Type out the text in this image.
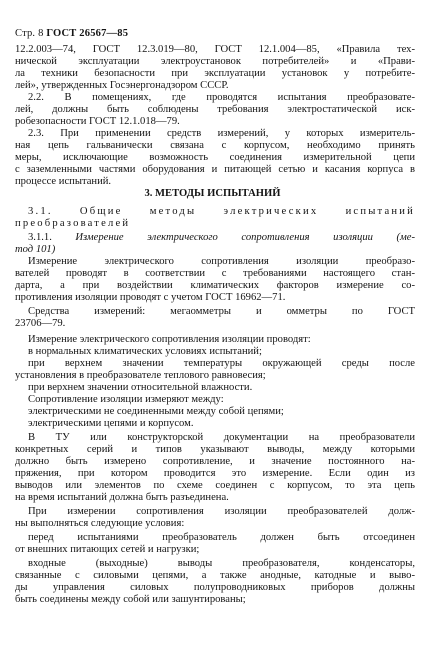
Стр. 8 ГОСТ 26567—85
12.2.003—74, ГОСТ 12.3.019—80, ГОСТ 12.1.004—85, «Правила тех-
нической эксплуатации электроустановок потребителей» и «Прави-
ла техники безопасности при эксплуатации установок у потребите-
лей», утвержденных Госэнергонадзором СССР.
2.2. В помещениях, где проводятся испытания преобразовате-
лей, должны быть соблюдены требования электростатической иск-
робезопасности ГОСТ 12.1.018—79.
2.3. При применении средств измерений, у которых измеритель-
ная цепь гальванически связана с корпусом, необходимо принять
меры, исключающие возможность соединения измерительной цепи
с заземленными частями оборудования и питающей сетью и касания корпуса в процессе испытаний.
3. МЕТОДЫ ИСПЫТАНИЙ
3.1. Общие методы электрических испытаний
преобразователей
3.1.1. Измерение электрического сопротивления изоляции (ме-
тод 101)
Измерение электрического сопротивления изоляции преобразо-
вателей проводят в соответствии с требованиями настоящего стан-
дарта, а при воздействии климатических факторов измерение со-
противления изоляции проводят с учетом ГОСТ 16962—71.
Средства измерений: мегаомметры и омметры по ГОСТ
23706—79.
Измерение электрического сопротивления изоляции проводят:
в нормальных климатических условиях испытаний;
при верхнем значении температуры окружающей среды после
установления в преобразователе теплового равновесия;
при верхнем значении относительной влажности.
Сопротивление изоляции измеряют между:
электрическими не соединенными между собой цепями;
электрическими цепями и корпусом.
В ТУ или конструкторской документации на преобразователи
конкретных серий и типов указывают выводы, между которыми
должно быть измерено сопротивление, и значение постоянного на-
пряжения, при котором проводится это измерение. Если один из
выводов или элементов по схеме соединен с корпусом, то эта цепь
на время испытаний должна быть разъединена.
При измерении сопротивления изоляции преобразователей долж-
ны выполняться следующие условия:
перед испытаниями преобразователь должен быть отсоединен
от внешних питающих сетей и нагрузки;
входные (выходные) выводы преобразователя, конденсаторы,
связанные с силовыми цепями, а также анодные, катодные и выво-
ды управления силовых полупроводниковых приборов должны
быть соединены между собой или зашунтированы;
